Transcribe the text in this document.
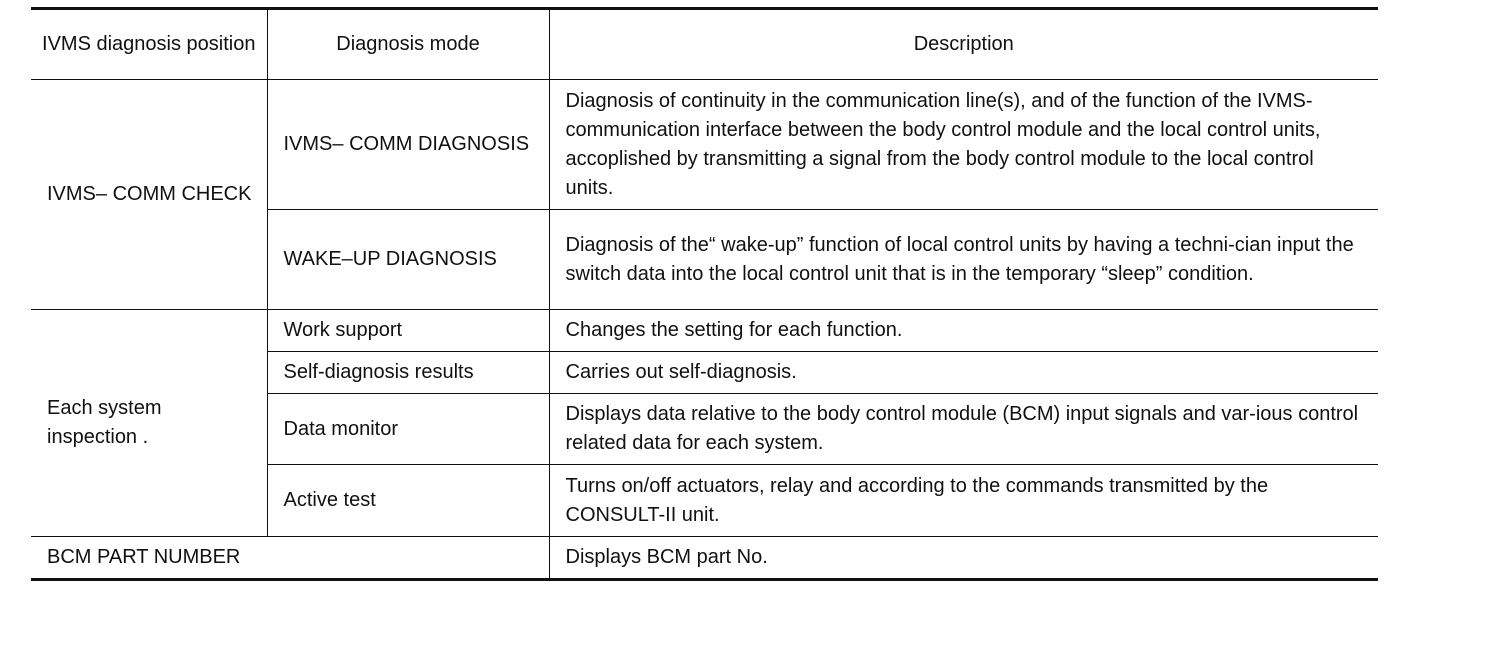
IVMS diagnosis position	Diagnosis mode	Description
IVMS– COMM CHECK	IVMS– COMM DIAGNOSIS	Diagnosis of continuity in the communication line(s), and of the function of the IVMS-communication interface between the body control module and the local control units, accoplished by transmitting a signal from the body control module to the local control units.
	WAKE–UP DIAGNOSIS	Diagnosis of the“ wake-up” function of local control units by having a techni-cian input the switch data into the local control unit that is in the temporary “sleep” condition.
Each system inspection .	Work support	Changes the setting for each function.
	Self-diagnosis results	Carries out self-diagnosis.
	Data monitor	Displays data relative to the body control module (BCM) input signals and var-ious control related data for each system.
	Active test	Turns on/off actuators, relay and according to the commands transmitted by the CONSULT-II unit.
BCM PART NUMBER		Displays BCM part No.
